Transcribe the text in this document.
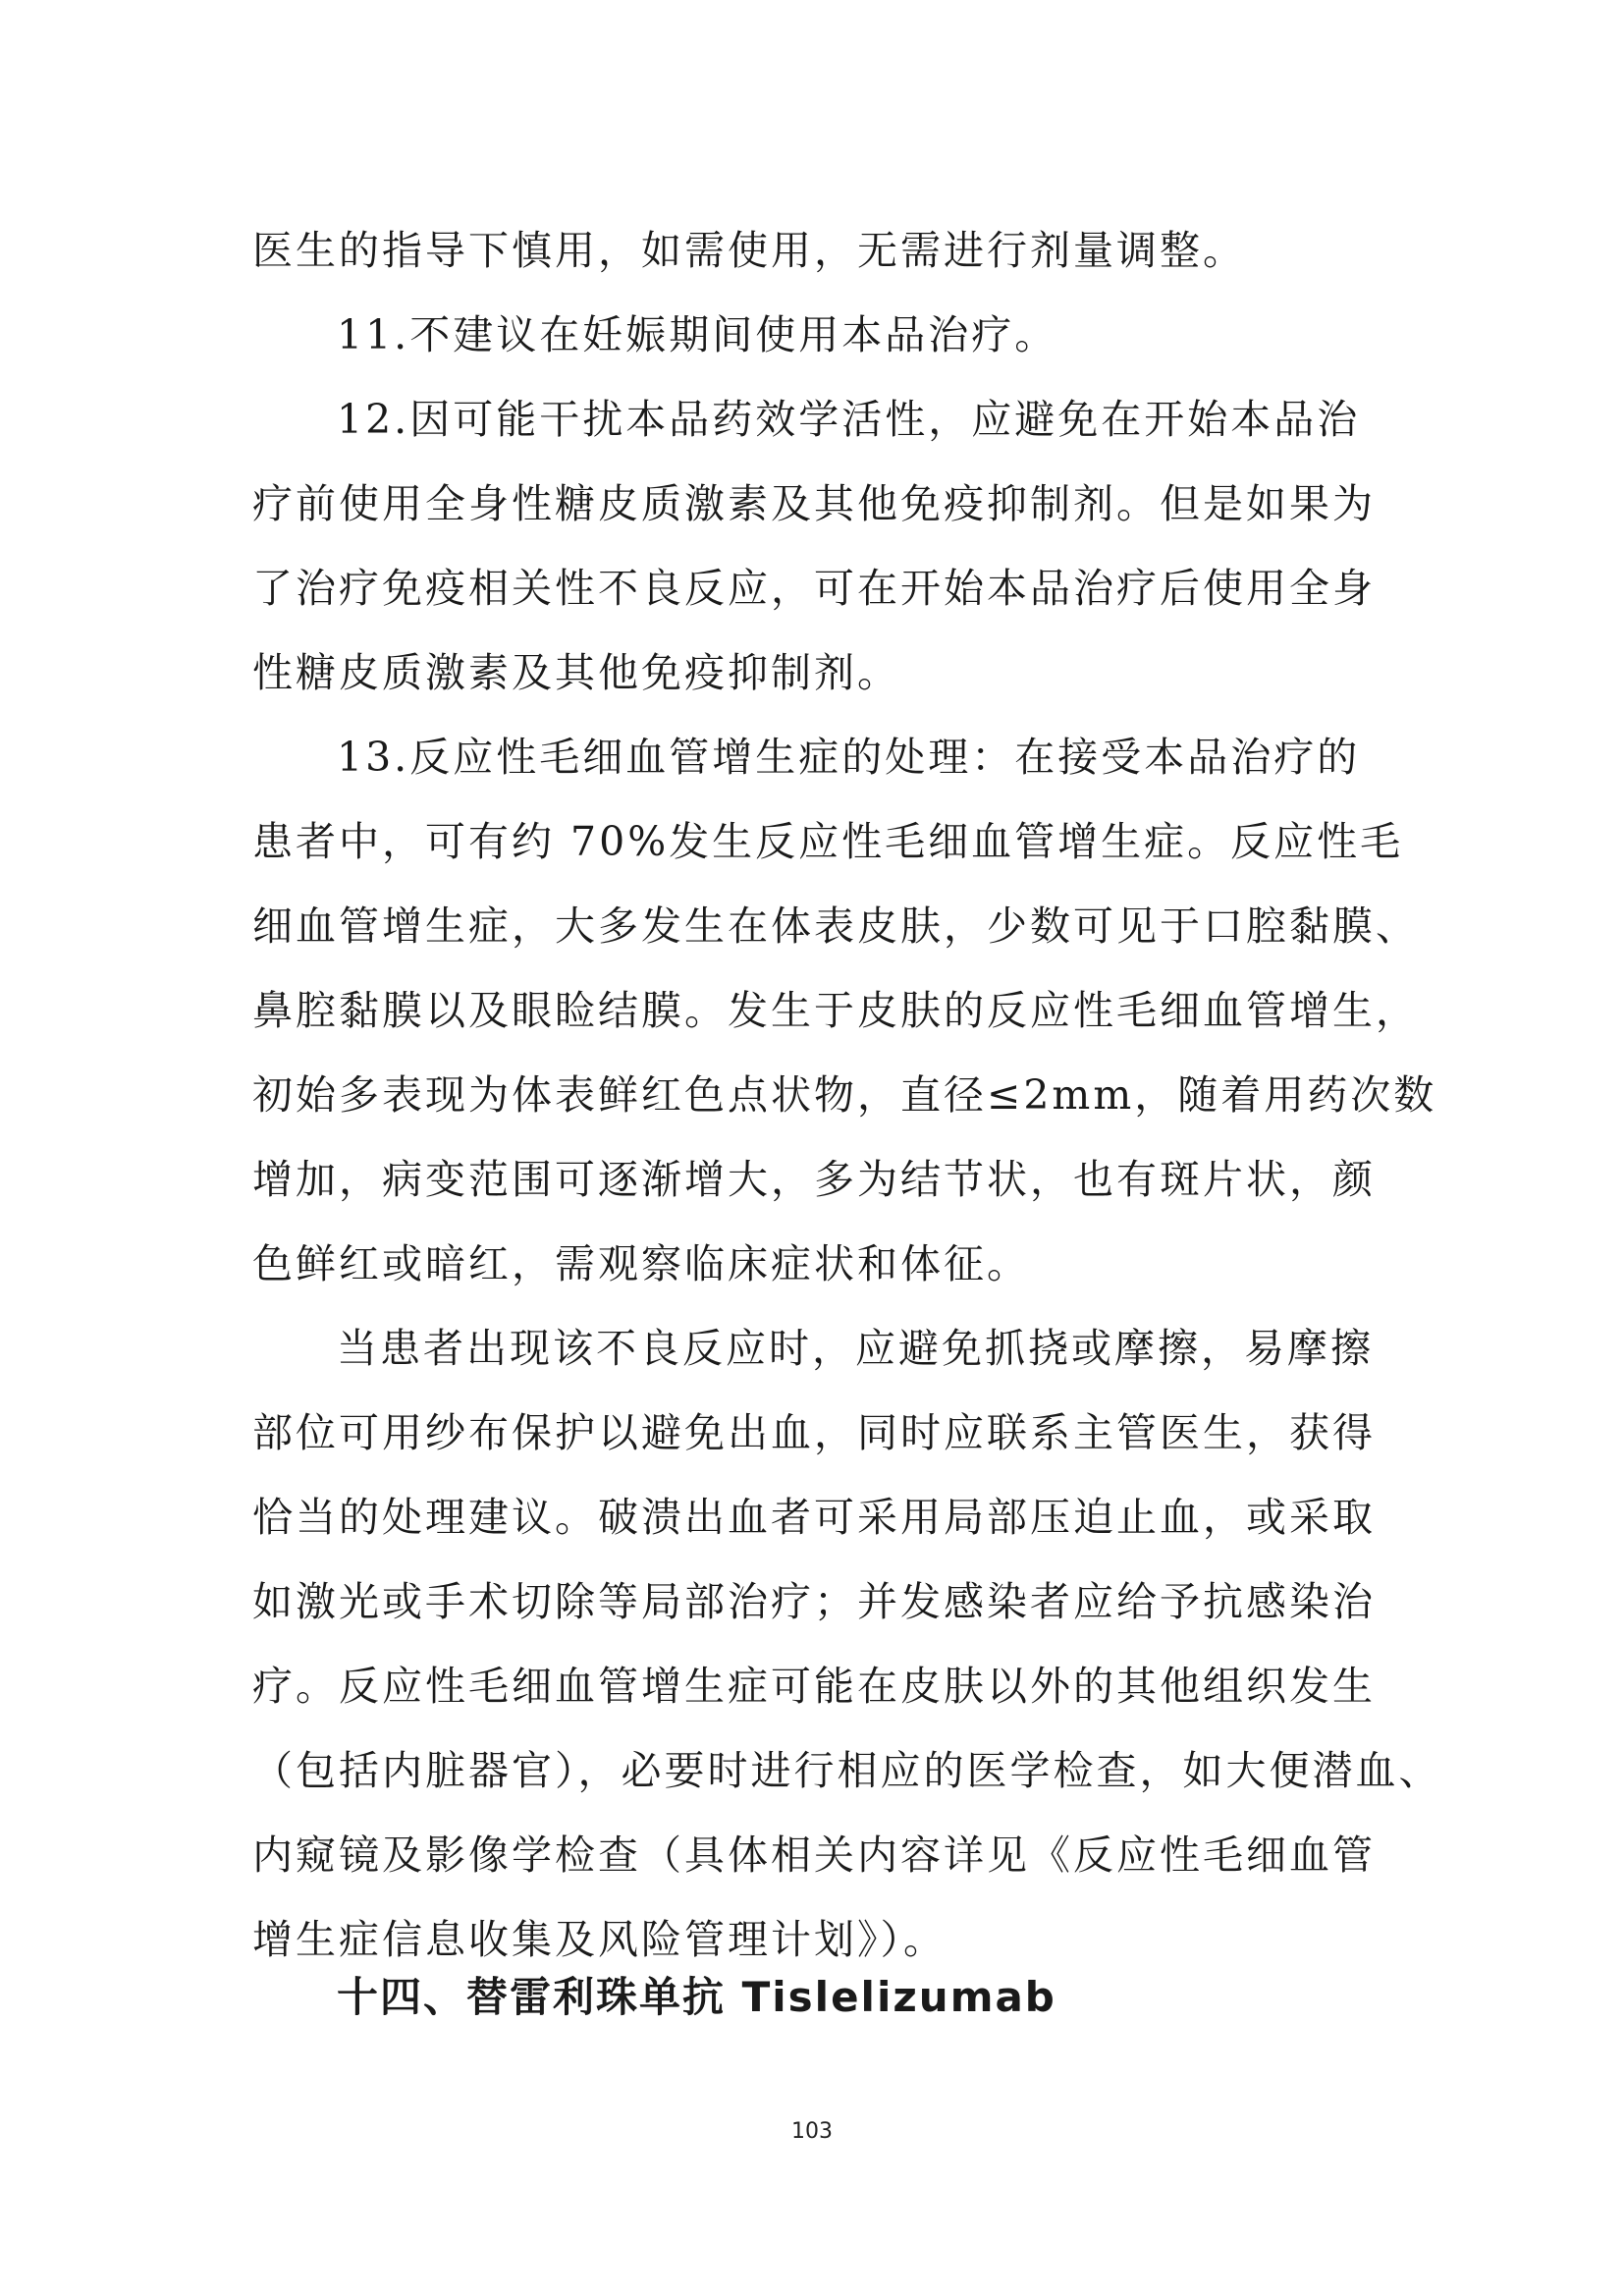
医生的指导下慎用，如需使用，无需进行剂量调整。
11.不建议在妊娠期间使用本品治疗。
12.因可能干扰本品药效学活性，应避免在开始本品治
疗前使用全身性糖皮质激素及其他免疫抑制剂。但是如果为
了治疗免疫相关性不良反应，可在开始本品治疗后使用全身
性糖皮质激素及其他免疫抑制剂。
13.反应性毛细血管增生症的处理：在接受本品治疗的
患者中，可有约 70%发生反应性毛细血管增生症。反应性毛
细血管增生症，大多发生在体表皮肤，少数可见于口腔黏膜、
鼻腔黏膜以及眼睑结膜。发生于皮肤的反应性毛细血管增生，
初始多表现为体表鲜红色点状物，直径≤2mm，随着用药次数
增加，病变范围可逐渐增大，多为结节状，也有斑片状，颜
色鲜红或暗红，需观察临床症状和体征。
当患者出现该不良反应时，应避免抓挠或摩擦，易摩擦
部位可用纱布保护以避免出血，同时应联系主管医生，获得
恰当的处理建议。破溃出血者可采用局部压迫止血，或采取
如激光或手术切除等局部治疗；并发感染者应给予抗感染治
疗。反应性毛细血管增生症可能在皮肤以外的其他组织发生
（包括内脏器官），必要时进行相应的医学检查，如大便潜血、
内窥镜及影像学检查（具体相关内容详见《反应性毛细血管
增生症信息收集及风险管理计划》）。
十四、替雷利珠单抗 Tislelizumab
103
